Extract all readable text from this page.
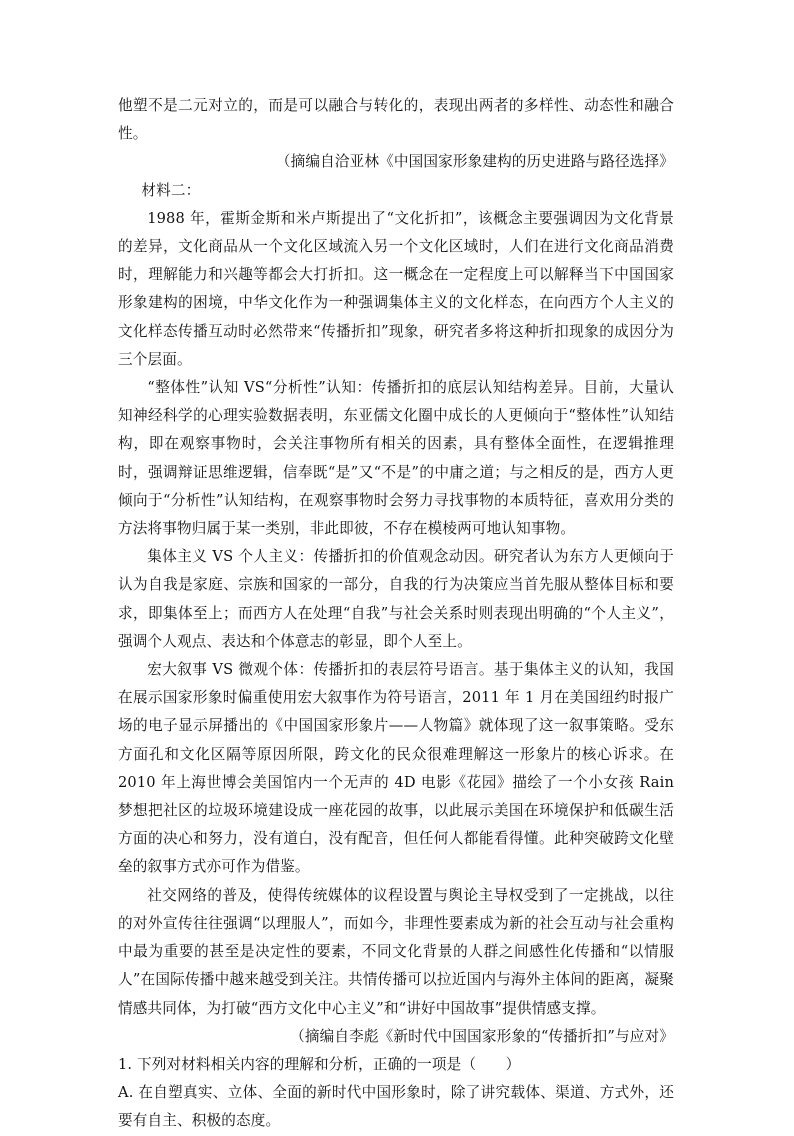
他塑不是二元对立的，而是可以融合与转化的，表现出两者的多样性、动态性和融合性。

（摘编自洽亚林《中国国家形象建构的历史进路与路径选择》

材料二：

1988 年，霍斯金斯和米卢斯提出了“文化折扣”，该概念主要强调因为文化背景的差异，文化商品从一个文化区域流入另一个文化区域时，人们在进行文化商品消费时，理解能力和兴趣等都会大打折扣。这一概念在一定程度上可以解释当下中国国家形象建构的困境，中华文化作为一种强调集体主义的文化样态，在向西方个人主义的文化样态传播互动时必然带来“传播折扣”现象，研究者多将这种折扣现象的成因分为三个层面。

“整体性”认知 VS“分析性”认知：传播折扣的底层认知结构差异。目前，大量认知神经科学的心理实验数据表明，东亚儒文化圈中成长的人更倾向于“整体性”认知结构，即在观察事物时，会关注事物所有相关的因素，具有整体全面性，在逻辑推理时，强调辩证思维逻辑，信奉既“是”又“不是”的中庸之道；与之相反的是，西方人更倾向于“分析性”认知结构，在观察事物时会努力寻找事物的本质特征，喜欢用分类的方法将事物归属于某一类别，非此即彼，不存在模棱两可地认知事物。

集体主义 VS 个人主义：传播折扣的价值观念动因。研究者认为东方人更倾向于认为自我是家庭、宗族和国家的一部分，自我的行为决策应当首先服从整体目标和要求，即集体至上；而西方人在处理“自我”与社会关系时则表现出明确的“个人主义”，强调个人观点、表达和个体意志的彰显，即个人至上。

宏大叙事 VS 微观个体：传播折扣的表层符号语言。基于集体主义的认知，我国在展示国家形象时偏重使用宏大叙事作为符号语言，2011 年 1 月在美国纽约时报广场的电子显示屏播出的《中国国家形象片——人物篇》就体现了这一叙事策略。受东方面孔和文化区隔等原因所限，跨文化的民众很难理解这一形象片的核心诉求。在 2010 年上海世博会美国馆内一个无声的 4D 电影《花园》描绘了一个小女孩 Rain 梦想把社区的垃圾环境建设成一座花园的故事，以此展示美国在环境保护和低碳生活方面的决心和努力，没有道白，没有配音，但任何人都能看得懂。此种突破跨文化壁垒的叙事方式亦可作为借鉴。

社交网络的普及，使得传统媒体的议程设置与舆论主导权受到了一定挑战，以往的对外宣传往往强调“以理服人”，而如今，非理性要素成为新的社会互动与社会重构中最为重要的甚至是决定性的要素，不同文化背景的人群之间感性化传播和“以情服人”在国际传播中越来越受到关注。共情传播可以拉近国内与海外主体间的距离，凝聚情感共同体，为打破“西方文化中心主义”和“讲好中国故事”提供情感支撑。

（摘编自李彪《新时代中国国家形象的“传播折扣”与应对》

1. 下列对材料相关内容的理解和分析，正确的一项是（　　）

A. 在自塑真实、立体、全面的新时代中国形象时，除了讲究载体、渠道、方式外，还要有自主、积极的态度。
